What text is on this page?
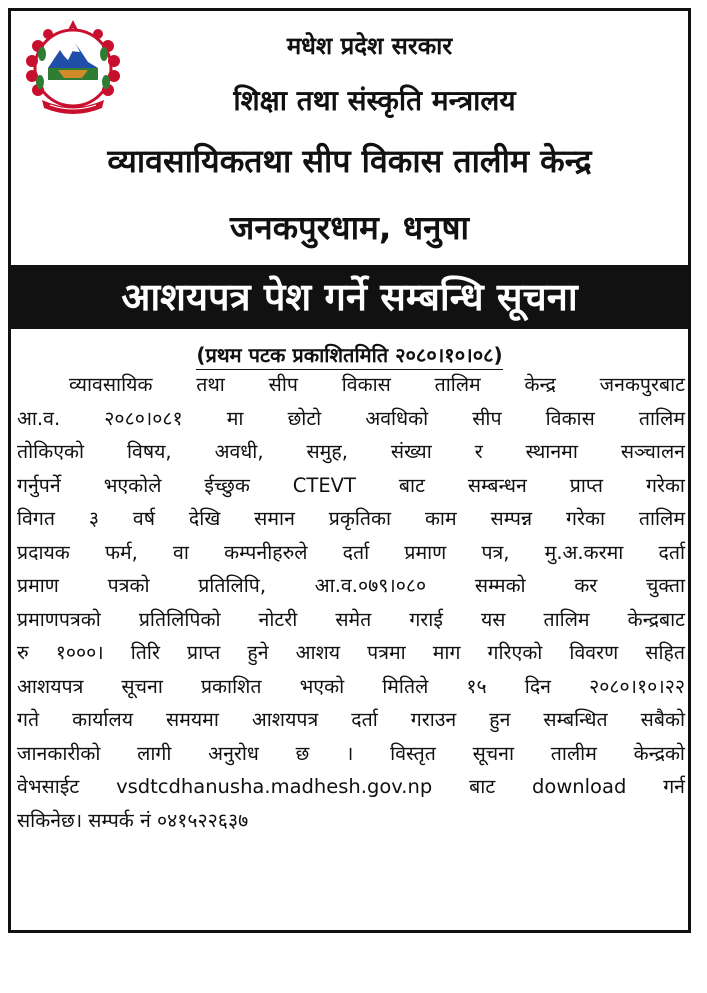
मधेश प्रदेश सरकार
शिक्षा तथा संस्कृति मन्त्रालय
व्यावसायिकतथा सीप विकास तालीम केन्द्र
जनकपुरधाम, धनुषा
आशयपत्र पेश गर्ने सम्बन्धि सूचना
(प्रथम पटक प्रकाशितमिति २०८०।१०।०८)
व्यावसायिक तथा सीप विकास तालिम केन्द्र जनकपुरबाट
आ.व. २०८०।०८१ मा छोटो अवधिको सीप विकास तालिम
तोकिएको विषय, अवधी, समुह, संख्या र स्थानमा सञ्चालन
गर्नुपर्ने भएकोले ईच्छुक CTEVT बाट सम्बन्धन प्राप्त गरेका
विगत ३ वर्ष देखि समान प्रकृतिका काम सम्पन्न गरेका तालिम
प्रदायक फर्म, वा कम्पनीहरुले दर्ता प्रमाण पत्र, मु.अ.करमा दर्ता
प्रमाण पत्रको प्रतिलिपि, आ.व.०७९।०८० सम्मको कर चुक्ता
प्रमाणपत्रको प्रतिलिपिको नोटरी समेत गराई यस तालिम केन्द्रबाट
रु १०००। तिरि प्राप्त हुने आशय पत्रमा माग गरिएको विवरण सहित
आशयपत्र सूचना प्रकाशित भएको मितिले १५ दिन २०८०।१०।२२
गते कार्यालय समयमा आशयपत्र दर्ता गराउन हुन सम्बन्धित सबैको
जानकारीको लागी अनुरोध छ । विस्तृत सूचना तालीम केन्द्रको
वेभसाईट vsdtcdhanusha.madhesh.gov.np बाट download गर्न
सकिनेछ। सम्पर्क नं ०४१५२२६३७
